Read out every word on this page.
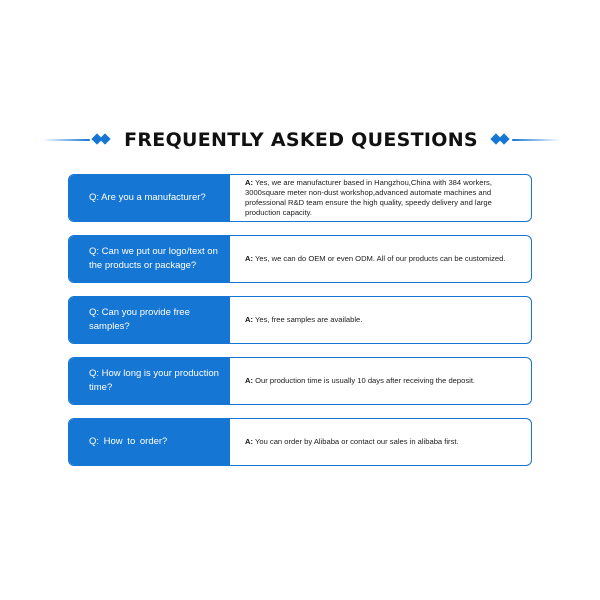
FREQUENTLY ASKED QUESTIONS
Q: Are you a manufacturer?
A: Yes, we are manufacturer based in Hangzhou,China with 384 workers, 3000square meter non-dust workshop,advanced automate machines and professional R&D team ensure the high quality, speedy delivery and large production capacity.
Q: Can we put our logo/text on the products or package?
A: Yes, we can do OEM or even ODM. All of our products can be customized.
Q: Can you provide free samples?
A: Yes, free samples are available.
Q: How long is your production time?
A: Our production time is usually 10 days after receiving the deposit.
Q: How to order?	A: You can order by Alibaba or contact our sales in alibaba first.
